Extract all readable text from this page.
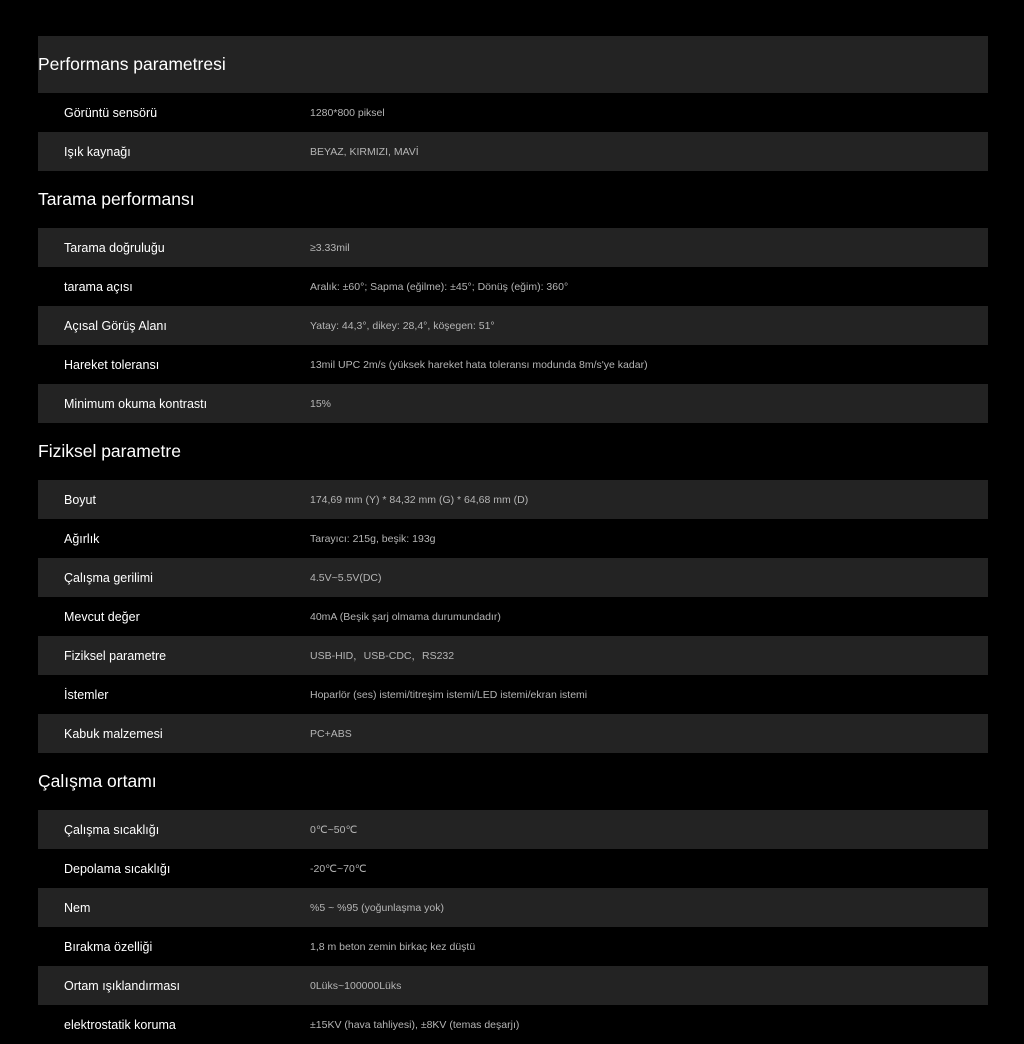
Performans parametresi
Görüntü sensörü	1280*800 piksel
Işık kaynağı	BEYAZ, KIRMIZI, MAVİ
Tarama performansı
Tarama doğruluğu	≥3.33mil
tarama açısı	Aralık: ±60°; Sapma (eğilme): ±45°; Dönüş (eğim): 360°
Açısal Görüş Alanı	Yatay: 44,3°, dikey: 28,4°, köşegen: 51°
Hareket toleransı	13mil UPC 2m/s (yüksek hareket hata toleransı modunda 8m/s'ye kadar)
Minimum okuma kontrastı	15%
Fiziksel parametre
Boyut	174,69 mm (Y) * 84,32 mm (G) * 64,68 mm (D)
Ağırlık	Tarayıcı: 215g, beşik: 193g
Çalışma gerilimi	4.5V~5.5V(DC)
Mevcut değer	40mA (Beşik şarj olmama durumundadır)
Fiziksel parametre	USB-HID，USB-CDC，RS232
İstemler	Hoparlör (ses) istemi/titreşim istemi/LED istemi/ekran istemi
Kabuk malzemesi	PC+ABS
Çalışma ortamı
Çalışma sıcaklığı	0℃~50℃
Depolama sıcaklığı	-20℃~70℃
Nem	%5 ~ %95 (yoğunlaşma yok)
Bırakma özelliği	1,8 m beton zemin birkaç kez düştü
Ortam ışıklandırması	0Lüks~100000Lüks
elektrostatik koruma	±15KV (hava tahliyesi), ±8KV (temas deşarjı)
